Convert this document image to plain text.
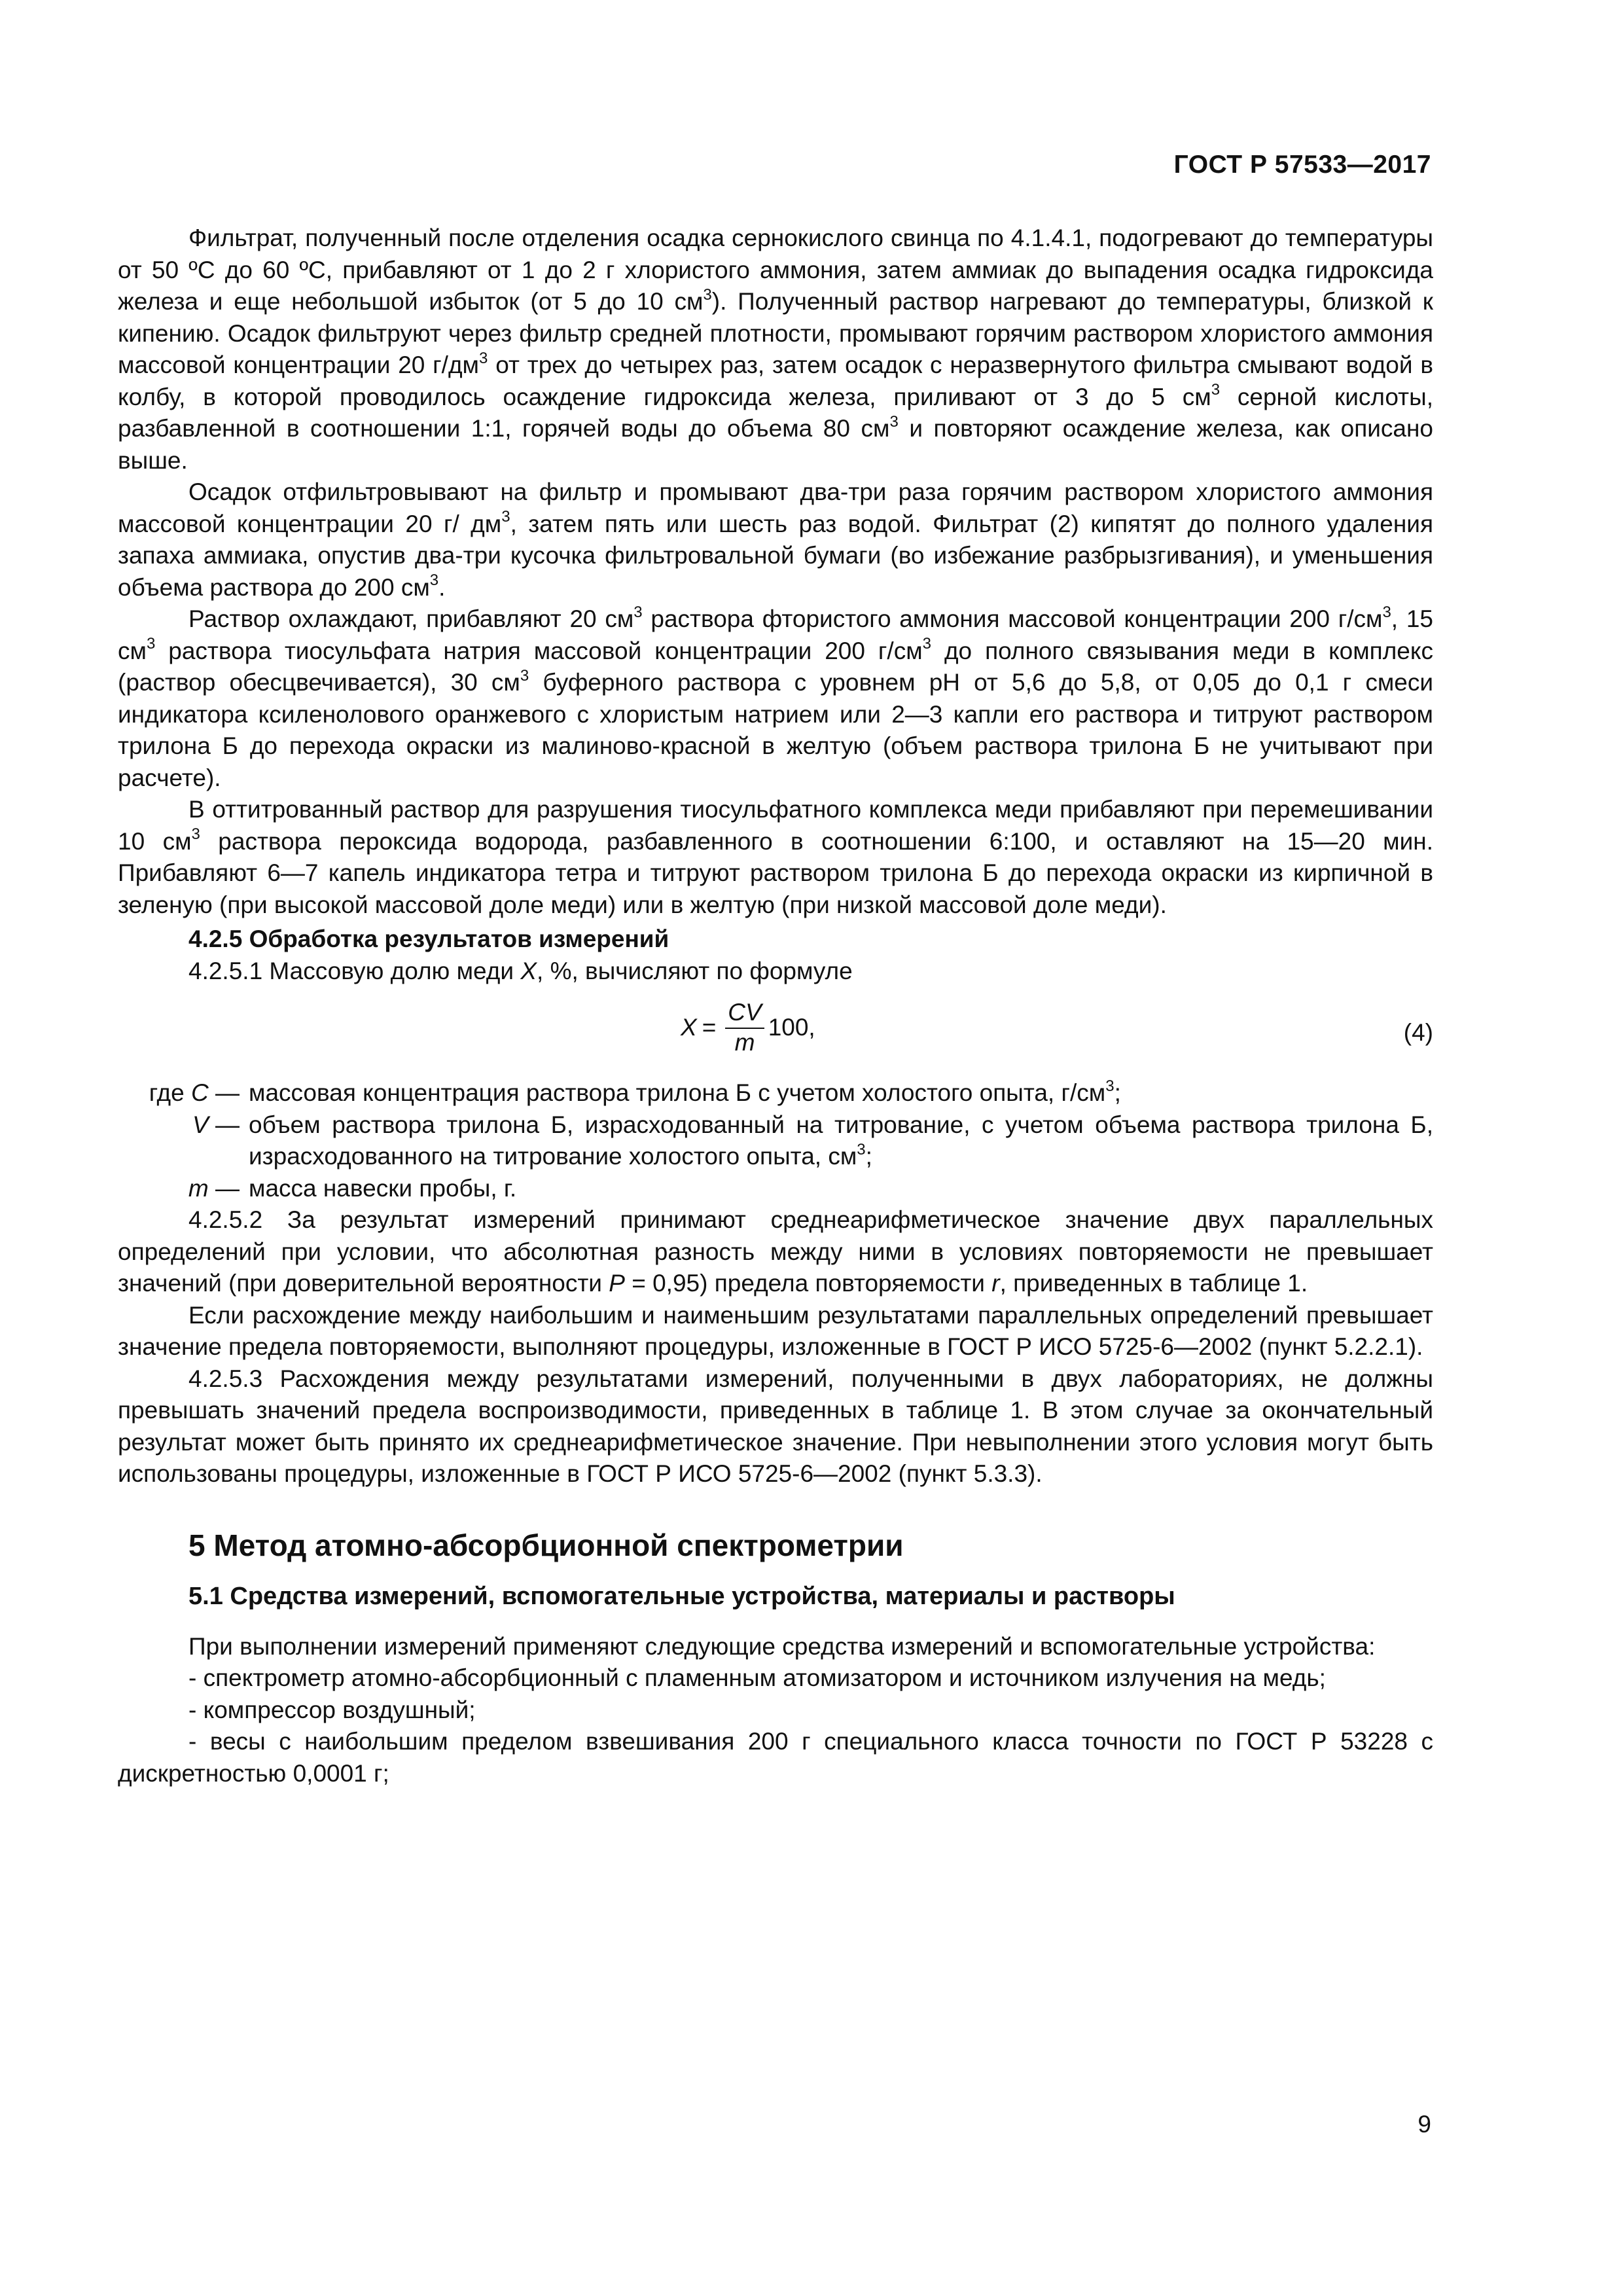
ГОСТ Р 57533—2017

Фильтрат, полученный после отделения осадка сернокислого свинца по 4.1.4.1, подогревают до температуры от 50 ºC до 60 ºC, прибавляют от 1 до 2 г хлористого аммония, затем аммиак до выпадения осадка гидроксида железа и еще небольшой избыток (от 5 до 10 $см^3$). Полученный раствор нагревают до температуры, близкой к кипению. Осадок фильтруют через фильтр средней плотности, промывают горячим раствором хлористого аммония массовой концентрации 20 $г/дм^3$ от трех до четырех раз, затем осадок с неразвернутого фильтра смывают водой в колбу, в которой проводилось осаждение гидроксида железа, приливают от 3 до 5 $см^3$ серной кислоты, разбавленной в соотношении 1:1, горячей воды до объема 80 $см^3$ и повторяют осаждение железа, как описано выше.

Осадок отфильтровывают на фильтр и промывают два-три раза горячим раствором хлористого аммония массовой концентрации 20 г/ $дм^3$, затем пять или шесть раз водой. Фильтрат (2) кипятят до полного удаления запаха аммиака, опустив два-три кусочка фильтровальной бумаги (во избежание разбрызгивания), и уменьшения объема раствора до 200 $см^3$.

Раствор охлаждают, прибавляют 20 $см^3$ раствора фтористого аммония массовой концентрации 200 $г/см^3$, 15 $см^3$ раствора тиосульфата натрия массовой концентрации 200 $г/см^3$ до полного связывания меди в комплекс (раствор обесцвечивается), 30 $см^3$ буферного раствора с уровнем pH от 5,6 до 5,8, от 0,05 до 0,1 г смеси индикатора ксиленолового оранжевого с хлористым натрием или 2—3 капли его раствора и титруют раствором трилона Б до перехода окраски из малиново-красной в желтую (объем раствора трилона Б не учитывают при расчете).

В оттитрованный раствор для разрушения тиосульфатного комплекса меди прибавляют при перемешивании 10 $см^3$ раствора пероксида водорода, разбавленного в соотношении 6:100, и оставляют на 15—20 мин. Прибавляют 6—7 капель индикатора тетра и титруют раствором трилона Б до перехода окраски из кирпичной в зеленую (при высокой массовой доле меди) или в желтую (при низкой массовой доле меди).

4.2.5 Обработка результатов измерений

4.2.5.1 Массовую долю меди X, %, вычисляют по формуле

$X = \frac{CV}{m} 100$,	(4)
где C — массовая концентрация раствора трилона Б с учетом холостого опыта, $г/см^3$;
V — объем раствора трилона Б, израсходованный на титрование, с учетом объема раствора трилона Б, израсходованного на титрование холостого опыта, $см^3$;
m — масса навески пробы, г.

4.2.5.2 За результат измерений принимают среднеарифметическое значение двух параллельных определений при условии, что абсолютная разность между ними в условиях повторяемости не превышает значений (при доверительной вероятности P = 0,95) предела повторяемости r, приведенных в таблице 1.

Если расхождение между наибольшим и наименьшим результатами параллельных определений превышает значение предела повторяемости, выполняют процедуры, изложенные в ГОСТ Р ИСО 5725-6—2002 (пункт 5.2.2.1).

4.2.5.3 Расхождения между результатами измерений, полученными в двух лабораториях, не должны превышать значений предела воспроизводимости, приведенных в таблице 1. В этом случае за окончательный результат может быть принято их среднеарифметическое значение. При невыполнении этого условия могут быть использованы процедуры, изложенные в ГОСТ Р ИСО 5725-6—2002 (пункт 5.3.3).

5 Метод атомно-абсорбционной спектрометрии
5.1 Средства измерений, вспомогательные устройства, материалы и растворы

При выполнении измерений применяют следующие средства измерений и вспомогательные устройства:

- спектрометр атомно-абсорбционный с пламенным атомизатором и источником излучения на медь;

- компрессор воздушный;

- весы с наибольшим пределом взвешивания 200 г специального класса точности по ГОСТ Р 53228 с дискретностью 0,0001 г;

9
